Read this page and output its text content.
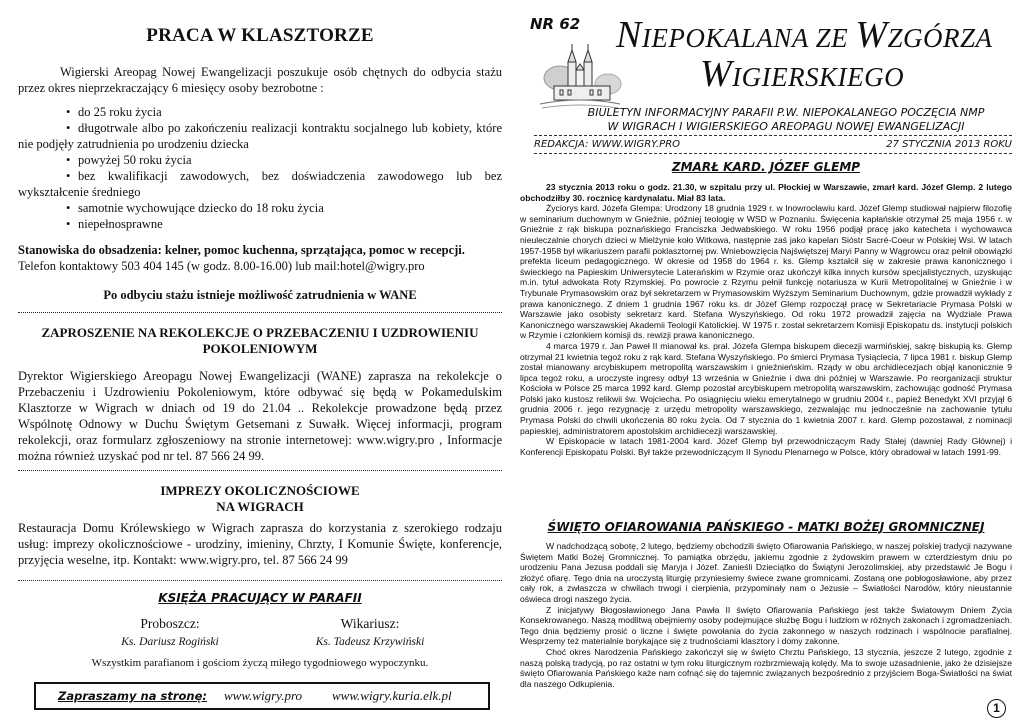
PRACA W KLASZTORZE
Wigierski Areopag Nowej Ewangelizacji poszukuje osób chętnych do odbycia stażu przez okres nieprzekraczający 6 miesięcy osoby bezrobotne :
• do 25 roku życia
• długotrwale albo po zakończeniu realizacji kontraktu socjalnego lub kobiety, które nie podjęły zatrudnienia po urodzeniu dziecka
• powyżej 50 roku życia
• bez kwalifikacji zawodowych, bez doświadczenia zawodowego lub bez wykształcenie średniego
• samotnie wychowujące dziecko do 18 roku życia
• niepełnosprawne
Stanowiska do obsadzenia: kelner, pomoc kuchenna, sprzątająca, pomoc w recepcji.
Telefon kontaktowy 503 404 145 (w godz. 8.00-16.00) lub mail:hotel@wigry.pro
Po odbyciu stażu istnieje możliwość zatrudnienia w WANE
ZAPROSZENIE NA REKOLEKCJE O PRZEBACZENIU I UZDROWIENIU
POKOLENIOWYM
Dyrektor Wigierskiego Areopagu Nowej Ewangelizacji (WANE) zaprasza na rekolekcje o Przebaczeniu i Uzdrowieniu Pokoleniowym, które odbywać się będą w Pokamedulskim Klasztorze w Wigrach w dniach od 19 do 21.04 .. Rekolekcje prowadzone będą przez Wspólnotę Odnowy w Duchu Świętym Getsemani z Suwałk. Więcej informacji, program rekolekcji, oraz formularz zgłoszeniowy na stronie internetowej: www.wigry.pro , Informacje można również uzyskać pod nr tel. 87 566 24 99.
IMPREZY OKOLICZNOŚCIOWE
NA WIGRACH
Restauracja Domu Królewskiego w Wigrach zaprasza do korzystania z szerokiego rodzaju usług: imprezy okolicznościowe - urodziny, imieniny, Chrzty, I Komunie Święte, konferencje, przyjęcia weselne, itp. Kontakt: www.wigry.pro, tel. 87 566 24 99
KSIĘŻA PRACUJĄCY W PARAFII
Proboszcz:
Ks. Dariusz Rogiński
Wikariusz:
Ks. Tadeusz Krzywiński
Wszystkim parafianom i gościom życzą miłego tygodniowego wypoczynku.
Zapraszamy na stronę: www.wigry.pro www.wigry.kuria.elk.pl
NR 62 NIEPOKALANA ZE WZGÓRZA
WIGIERSKIEGO
BIULETYN INFORMACYJNY PARAFII P.W. NIEPOKALANEGO POCZĘCIA NMP
W WIGRACH I WIGIERSKIEGO AREOPAGU NOWEJ EWANGELIZACJI
REDAKCJA: WWW.WIGRY.PRO	27 STYCZNIA 2013 ROKU
ZMARŁ KARD. JÓZEF GLEMP

23 stycznia 2013 roku o godz. 21.30, w szpitalu przy ul. Płockiej w Warszawie, zmarł kard. Józef Glemp. 2 lutego obchodziłby 30. rocznicę kardynalatu. Miał 83 lata.

Życiorys kard. Józefa Glempa: Urodzony 18 grudnia 1929 r. w Inowrocławiu kard. Józef Glemp studiował najpierw filozofię w seminarium duchownym w Gnieźnie, później teologię w WSD w Poznaniu. Święcenia kapłańskie otrzymał 25 maja 1956 r. w Gnieźnie z rąk biskupa poznańskiego Franciszka Jedwabskiego. W roku 1956 podjął pracę jako katecheta i wychowawca nieuleczalnie chorych dzieci w Mielżynie koło Witkowa, następnie zaś jako kapelan Sióstr Sacré-Coeur w Polskiej Wsi. W latach 1957-1958 był wikariuszem parafii poklasztornej pw. Wniebowzięcia Najświętszej Maryi Panny w Wągrowcu oraz pełnił obowiązki prefekta liceum pedagogicznego. W okresie od 1958 do 1964 r. ks. Glemp kształcił się w zakresie prawa kanonicznego i świeckiego na Papieskim Uniwersytecie Laterańskim w Rzymie oraz ukończył kilka innych kursów specjalistycznych, uzyskując m.in. tytuł adwokata Roty Rzymskiej. Po powrocie z Rzymu pełnił funkcję notariusza w Kurii Metropolitalnej w Gnieźnie i w Trybunale Prymasowskim oraz był sekretarzem w Prymasowskim Wyższym Seminarium Duchownym, gdzie prowadził wykłady z prawa kanonicznego. Z dniem 1 grudnia 1967 roku ks. dr Józef Glemp rozpoczął pracę w Sekretariacie Prymasa Polski w Warszawie jako osobisty sekretarz kard. Stefana Wyszyńskiego. Od roku 1972 prowadził zajęcia na Wydziale Prawa Kanonicznego warszawskiej Akademii Teologii Katolickiej. W 1975 r. został sekretarzem Komisji Episkopatu ds. instytucji polskich w Rzymie i członkiem komisji ds. rewizji prawa kanonicznego.

4 marca 1979 r. Jan Paweł II mianował ks. prał. Józefa Glempa biskupem diecezji warmińskiej, sakrę biskupią ks. Glemp otrzymał 21 kwietnia tegoż roku z rąk kard. Stefana Wyszyńskiego. Po śmierci Prymasa Tysiąclecia, 7 lipca 1981 r. biskup Glemp został mianowany arcybiskupem metropolitą warszawskim i gnieźnieńskim. Rządy w obu archidiecezjach objął kanonicznie 9 lipca tegoż roku, a uroczyste ingresy odbył 13 września w Gnieźnie i dwa dni później w Warszawie. Po reorganizacji struktur Kościoła w Polsce 25 marca 1992 kard. Glemp pozostał arcybiskupem metropolitą warszawskim, zachowując godność Prymasa Polski jako kustosz relikwii św. Wojciecha. Po osiągnięciu wieku emerytalnego w grudniu 2004 r., papież Benedykt XVI przyjął 6 grudnia 2006 r. jego rezygnację z urzędu metropolity warszawskiego, zezwalając mu jednocześnie na zachowanie tytułu Prymasa Polski do chwili ukończenia 80 roku życia. Od 7 stycznia do 1 kwietnia 2007 r. kard. Glemp pozostawał, z nominacji papieskiej, administratorem apostolskim archidiecezji warszawskiej.

W Episkopacie w latach 1981-2004 kard. Józef Glemp był przewodniczącym Rady Stałej (dawniej Rady Głównej) i Konferencji Episkopatu Polski. Był także przewodniczącym II Synodu Plenarnego w Polsce, który obradował w latach 1991-99.

ŚWIĘTO OFIAROWANIA PAŃSKIEGO - MATKI BOŻEJ GROMNICZNEJ

W nadchodzącą sobotę, 2 lutego, będziemy obchodzili święto Ofiarowania Pańskiego, w naszej polskiej tradycji nazywane Świętem Matki Bożej Gromnicznej. To pamiątka obrzędu, jakiemu zgodnie z żydowskim prawem w czterdziestym dniu po urodzeniu Pana Jezusa poddali się Maryja i Józef. Zanieśli Dzieciątko do Świątyni Jerozolimskiej, aby przedstawić Je Bogu i złożyć ofiarę. Tego dnia na uroczystą liturgię przyniesiemy świece zwane gromnicami. Zostaną one pobłogosławione, aby przez cały rok, a zwłaszcza w chwilach trwogi i cierpienia, przypominały nam o Jezusie – Światłości Narodów, który nieustannie oświeca drogi naszego życia.

Z inicjatywy Błogosławionego Jana Pawła II święto Ofiarowania Pańskiego jest także Światowym Dniem Życia Konsekrowanego. Naszą modlitwą obejmiemy osoby podejmujące służbę Bogu i ludziom w różnych zakonach i zgromadzeniach. Tego dnia będziemy prosić o liczne i święte powołania do życia zakonnego w naszych rodzinach i wspólnocie parafialnej. Wesprzemy też materialnie borykające się z trudnościami klasztory i domy zakonne.

Choć okres Narodzenia Pańskiego zakończył się w święto Chrztu Pańskiego, 13 stycznia, jeszcze 2 lutego, zgodnie z naszą polską tradycją, po raz ostatni w tym roku liturgicznym rozbrzmiewają kolędy. Ma to swoje uzasadnienie, jako że dzisiejsze święto Ofiarowania Pańskiego każe nam cofnąć się do tajemnic związanych bezpośrednio z przyjściem Boga-Światłości na świat dla naszego Odkupienia.

1
